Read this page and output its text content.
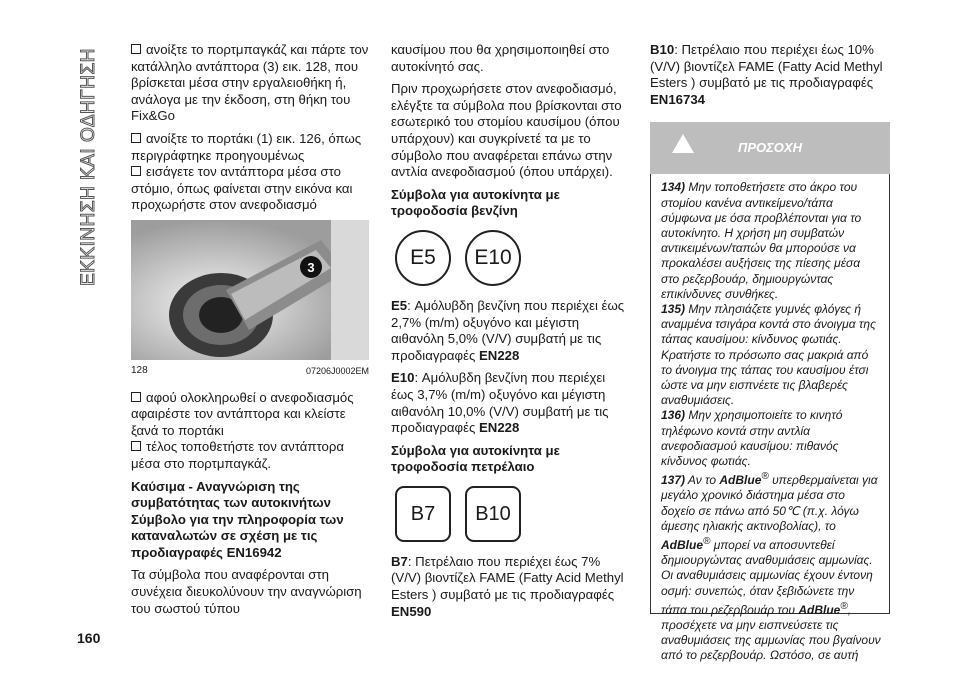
ΕΚΚΙΝΗΣΗ ΚΑΙ ΟΔΗΓΗΣΗ
160

ανοίξτε το πορτμπαγκάζ και πάρτε τον κατάλληλο αντάπτορα (3) εικ. 128, που βρίσκεται μέσα στην εργαλειοθήκη ή, ανάλογα με την έκδοση, στη θήκη του Fix&Go

ανοίξτε το πορτάκι (1) εικ. 126, όπως περιγράφτηκε προηγουμένως

εισάγετε τον αντάπτορα μέσα στο στόμιο, όπως φαίνεται στην εικόνα και προχωρήστε στον ανεφοδιασμό

3
128	07206J0002EM

αφού ολοκληρωθεί ο ανεφοδιασμός αφαιρέστε τον αντάπτορα και κλείστε ξανά το πορτάκι

τέλος τοποθετήστε τον αντάπτορα μέσα στο πορτμπαγκάζ.

Καύσιμα - Αναγνώριση της συμβατότητας των αυτοκινήτων Σύμβολο για την πληροφορία των καταναλωτών σε σχέση με τις προδιαγραφές EN16942

Τα σύμβολα που αναφέρονται στη συνέχεια διευκολύνουν την αναγνώριση του σωστού τύπου

καυσίμου που θα χρησιμοποιηθεί στο αυτοκίνητό σας.

Πριν προχωρήσετε στον ανεφοδιασμό, ελέγξτε τα σύμβολα που βρίσκονται στο εσωτερικό του στομίου καυσίμου (όπου υπάρχουν) και συγκρίνετέ τα με το σύμβολο που αναφέρεται επάνω στην αντλία ανεφοδιασμού (όπου υπάρχει).

Σύμβολα για αυτοκίνητα με τροφοδοσία βενζίνη
E5	E10

E5: Αμόλυβδη βενζίνη που περιέχει έως 2,7% (m/m) οξυγόνο και μέγιστη αιθανόλη 5,0% (V/V) συμβατή με τις προδιαγραφές EN228

E10: Αμόλυβδη βενζίνη που περιέχει έως 3,7% (m/m) οξυγόνο και μέγιστη αιθανόλη 10,0% (V/V) συμβατή με τις προδιαγραφές EN228

Σύμβολα για αυτοκίνητα με τροφοδοσία πετρέλαιο
B7	B10

B7: Πετρέλαιο που περιέχει έως 7% (V/V) βιοντίζελ FAME (Fatty Acid Methyl Esters ) συμβατό με τις προδιαγραφές EN590

B10: Πετρέλαιο που περιέχει έως 10% (V/V) βιοντίζελ FAME (Fatty Acid Methyl Esters ) συμβατό με τις προδιαγραφές EN16734

ΠΡΟΣΟΧΗ

134) Μην τοποθετήσετε στο άκρο του στομίου κανένα αντικείμενο/τάπα σύμφωνα με όσα προβλέπονται για το αυτοκίνητο. Η χρήση μη συμβατών αντικειμένων/ταπών θα μπορούσε να προκαλέσει αυξήσεις της πίεσης μέσα στο ρεζερβουάρ, δημιουργώντας επικίνδυνες συνθήκες.

135) Μην πλησιάζετε γυμνές φλόγες ή αναμμένα τσιγάρα κοντά στο άνοιγμα της τάπας καυσίμου: κίνδυνος φωτιάς. Κρατήστε το πρόσωπο σας μακριά από το άνοιγμα της τάπας του καυσίμου έτσι ώστε να μην εισπνέετε τις βλαβερές αναθυμιάσεις.

136) Μην χρησιμοποιείτε το κινητό τηλέφωνο κοντά στην αντλία ανεφοδιασμού καυσίμου: πιθανός κίνδυνος φωτιάς.

137) Αν το AdBlue® υπερθερμαίνεται για μεγάλο χρονικό διάστημα μέσα στο δοχείο σε πάνω από 50℃ (π.χ. λόγω άμεσης ηλιακής ακτινοβολίας), το AdBlue® μπορεί να αποσυντεθεί δημιουργώντας αναθυμιάσεις αμμωνίας. Οι αναθυμιάσεις αμμωνίας έχουν έντονη οσμή: συνεπώς, όταν ξεβιδώνετε την τάπα του ρεζερβουάρ του AdBlue®, προσέχετε να μην εισπνεύσετε τις αναθυμιάσεις της αμμωνίας που βγαίνουν από το ρεζερβουάρ. Ωστόσο, σε αυτή
